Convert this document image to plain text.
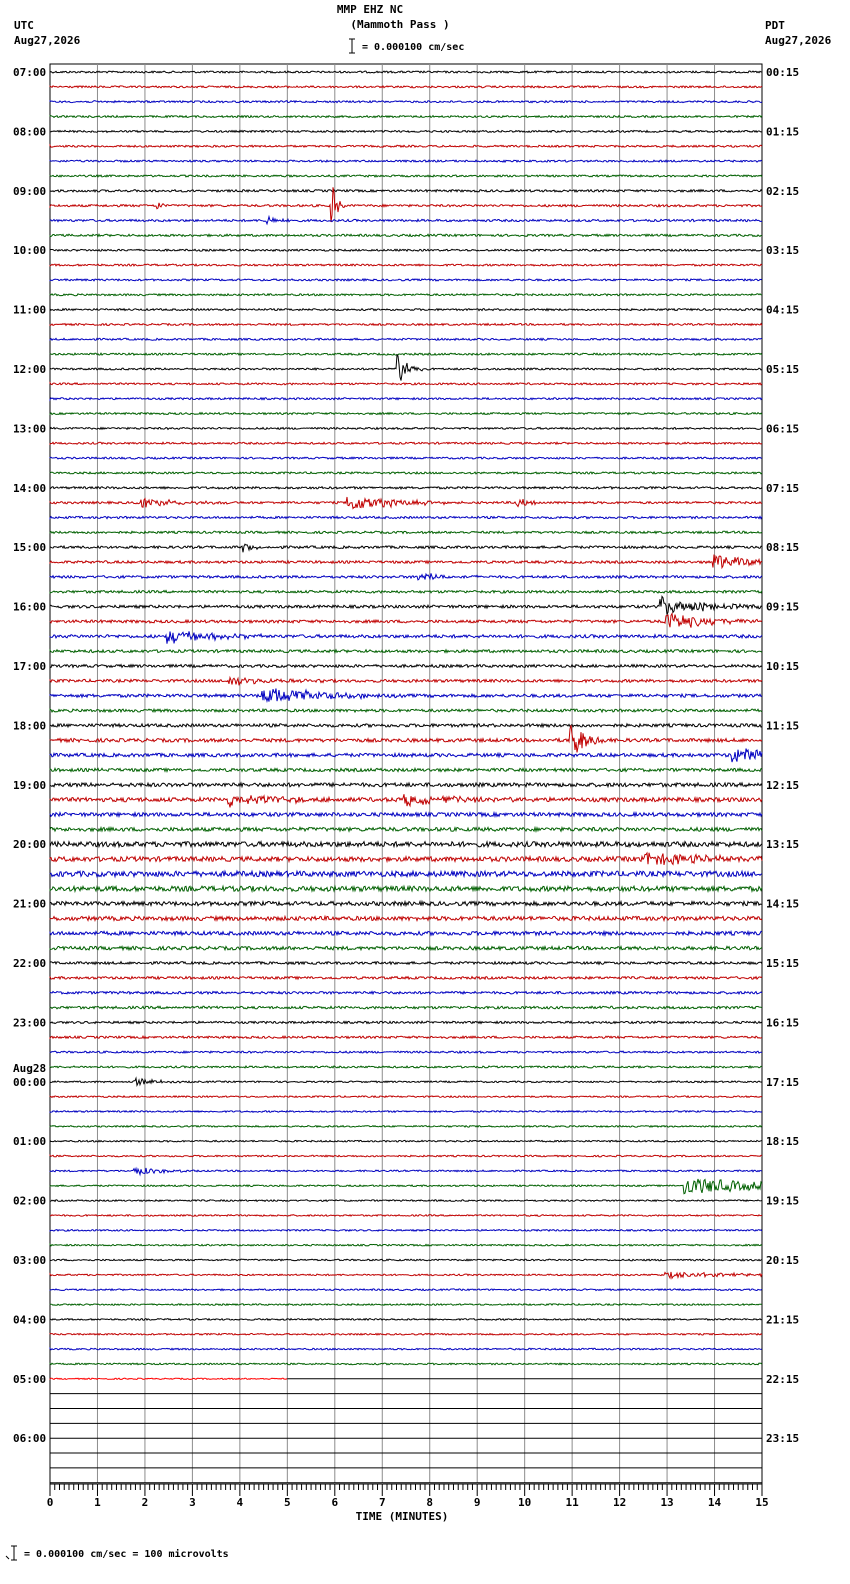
MMP EHZ NC
(Mammoth Pass )
= 0.000100 cm/sec
UTC
Aug27,2026
PDT
Aug27,2026
07:00
08:00
09:00
10:00
11:00
12:00
13:00
14:00
15:00
16:00
17:00
18:00
19:00
20:00
21:00
22:00
23:00
00:00
Aug28
01:00
02:00
03:00
04:00
05:00
06:00
00:15
01:15
02:15
03:15
04:15
05:15
06:15
07:15
08:15
09:15
10:15
11:15
12:15
13:15
14:15
15:15
16:15
17:15
18:15
19:15
20:15
21:15
22:15
23:15
0	1	2	3	4	5	6	7	8	9	10	11	12	13	14	15
TIME (MINUTES)
= 0.000100 cm/sec = 100 microvolts
